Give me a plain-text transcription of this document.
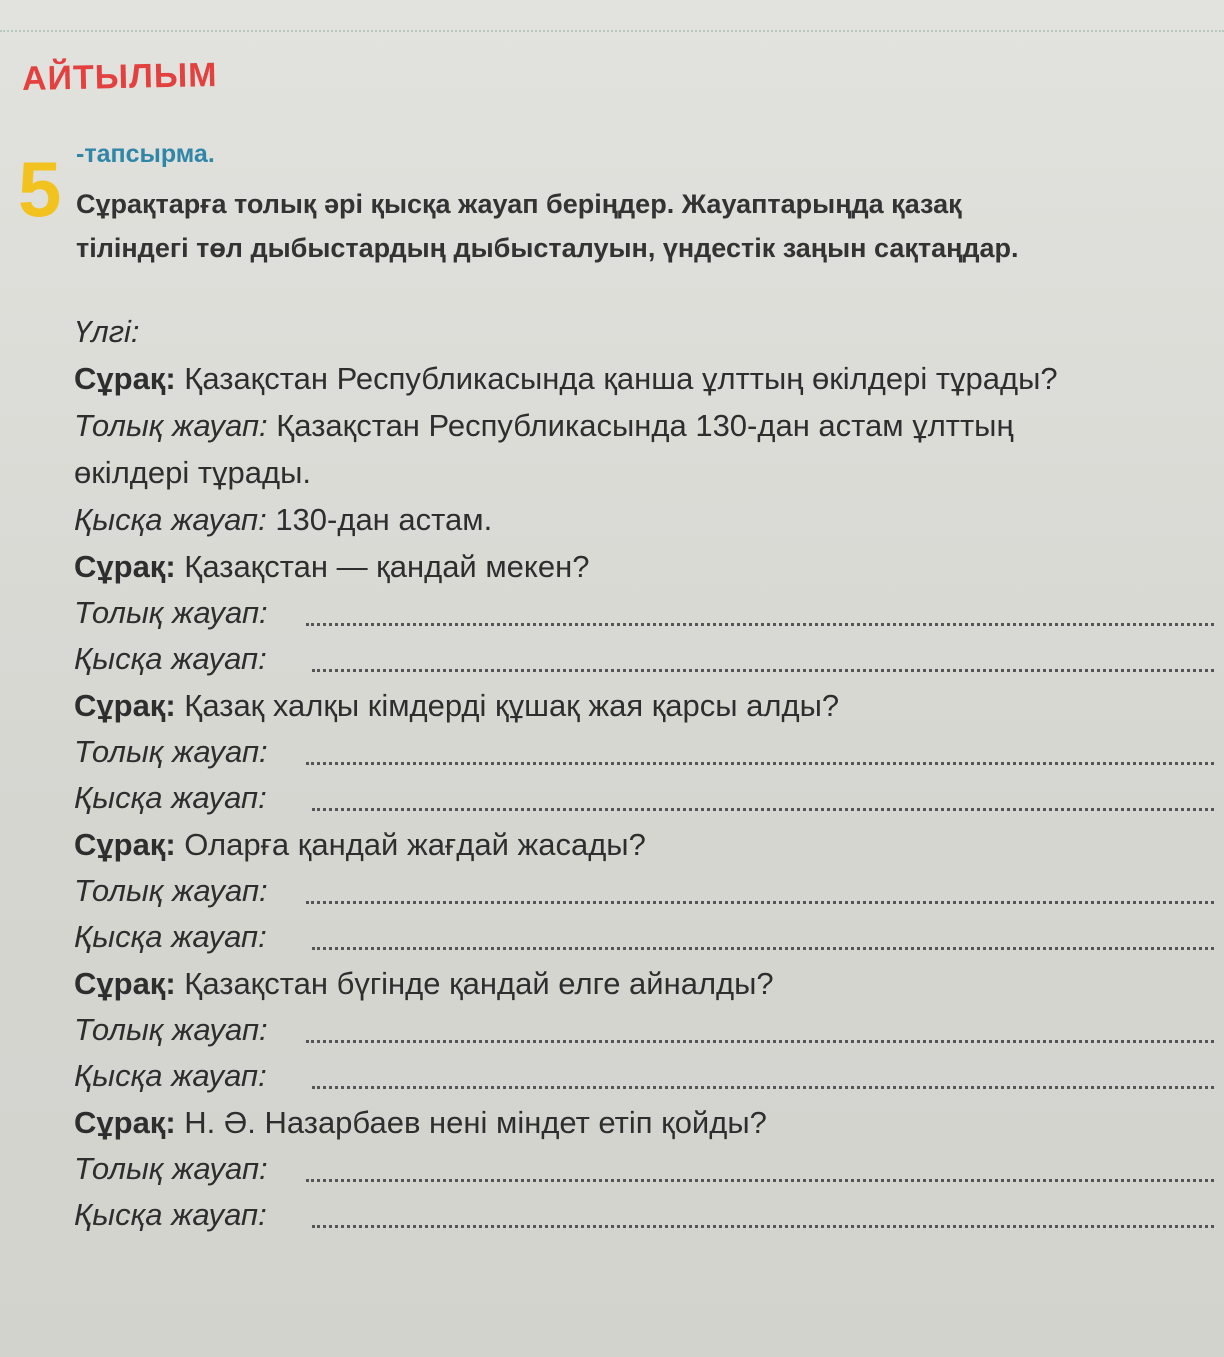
АЙТЫЛЫМ
5 -тапсырма.
Сұрақтарға толық әрі қысқа жауап беріңдер. Жауаптарыңда қазақ
тіліндегі төл дыбыстардың дыбысталуын, үндестік заңын сақтаңдар.
Үлгі:
Сұрақ: Қазақстан Республикасында қанша ұлттың өкілдері тұрады?
Толық жауап: Қазақстан Республикасында 130-дан астам ұлттың
өкілдері тұрады.
Қысқа жауап: 130-дан астам.
Сұрақ: Қазақстан — қандай мекен?
Толық жауап:
Қысқа жауап:
Сұрақ: Қазақ халқы кімдерді құшақ жая қарсы алды?
Толық жауап:
Қысқа жауап:
Сұрақ: Оларға қандай жағдай жасады?
Толық жауап:
Қысқа жауап:
Сұрақ: Қазақстан бүгінде қандай елге айналды?
Толық жауап:
Қысқа жауап:
Сұрақ: Н. Ә. Назарбаев нені міндет етіп қойды?
Толық жауап:
Қысқа жауап:
